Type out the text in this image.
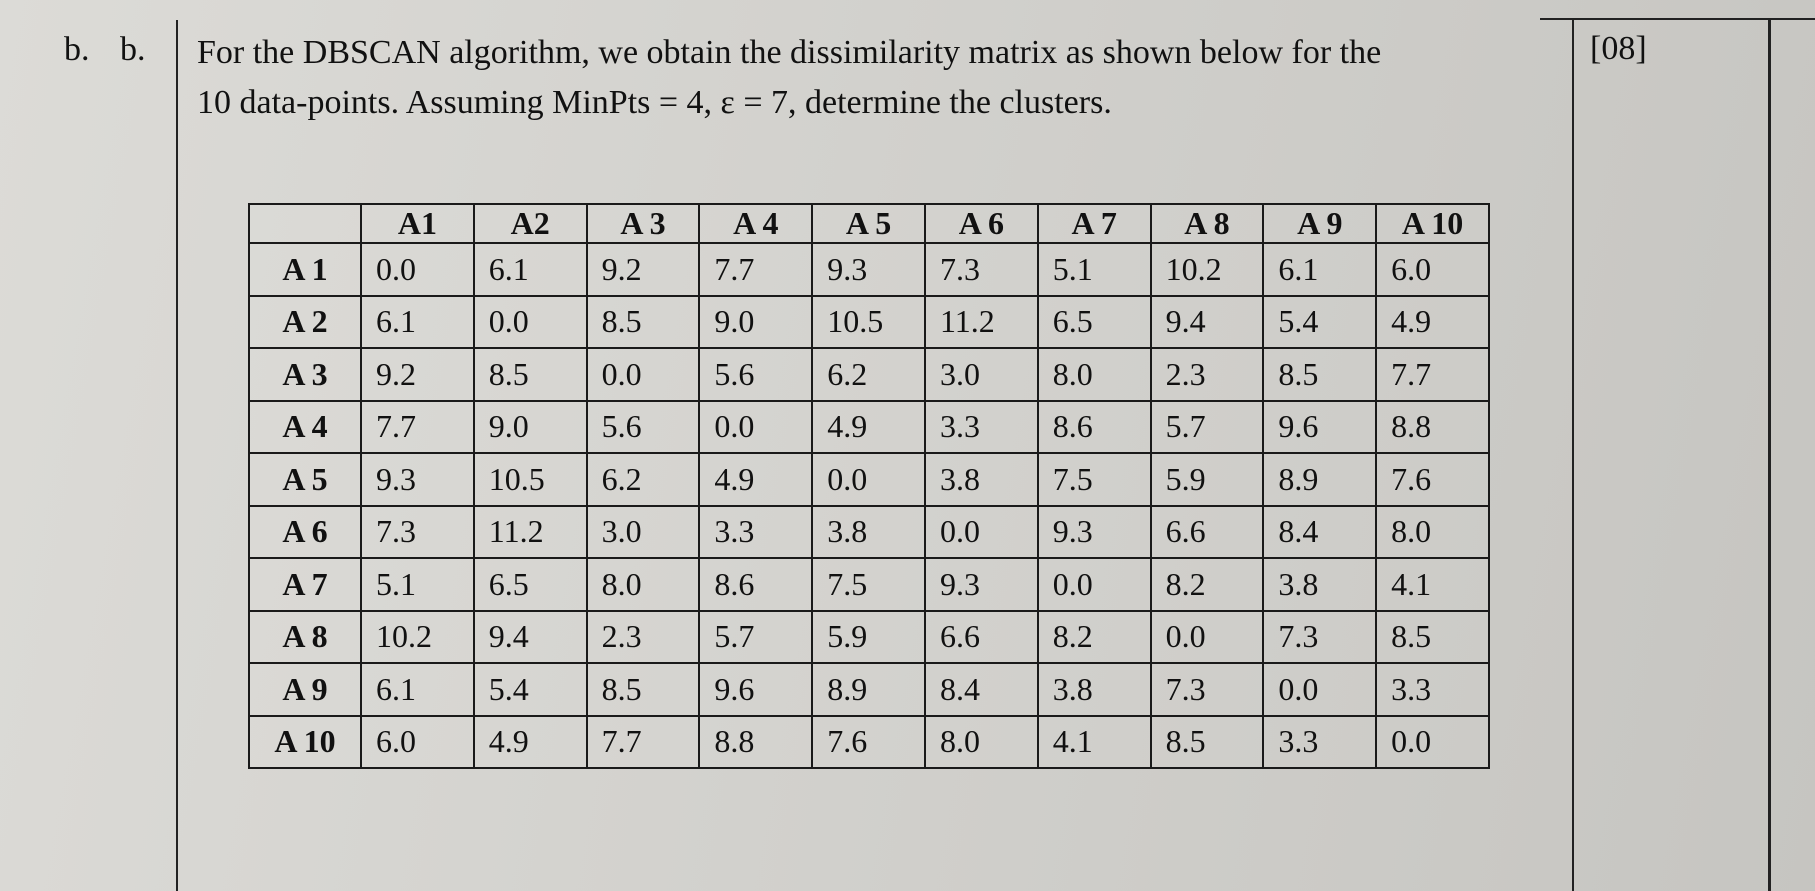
b. b. For the DBSCAN algorithm, we obtain the dissimilarity matrix as shown below for the
10 data-points. Assuming MinPts = 4, ε = 7, determine the clusters.
[08]
	A1	A2	A 3	A 4	A 5	A 6	A 7	A 8	A 9	A 10
A 1	0.0	6.1	9.2	7.7	9.3	7.3	5.1	10.2	6.1	6.0
A 2	6.1	0.0	8.5	9.0	10.5	11.2	6.5	9.4	5.4	4.9
A 3	9.2	8.5	0.0	5.6	6.2	3.0	8.0	2.3	8.5	7.7
A 4	7.7	9.0	5.6	0.0	4.9	3.3	8.6	5.7	9.6	8.8
A 5	9.3	10.5	6.2	4.9	0.0	3.8	7.5	5.9	8.9	7.6
A 6	7.3	11.2	3.0	3.3	3.8	0.0	9.3	6.6	8.4	8.0
A 7	5.1	6.5	8.0	8.6	7.5	9.3	0.0	8.2	3.8	4.1
A 8	10.2	9.4	2.3	5.7	5.9	6.6	8.2	0.0	7.3	8.5
A 9	6.1	5.4	8.5	9.6	8.9	8.4	3.8	7.3	0.0	3.3
A 10	6.0	4.9	7.7	8.8	7.6	8.0	4.1	8.5	3.3	0.0
